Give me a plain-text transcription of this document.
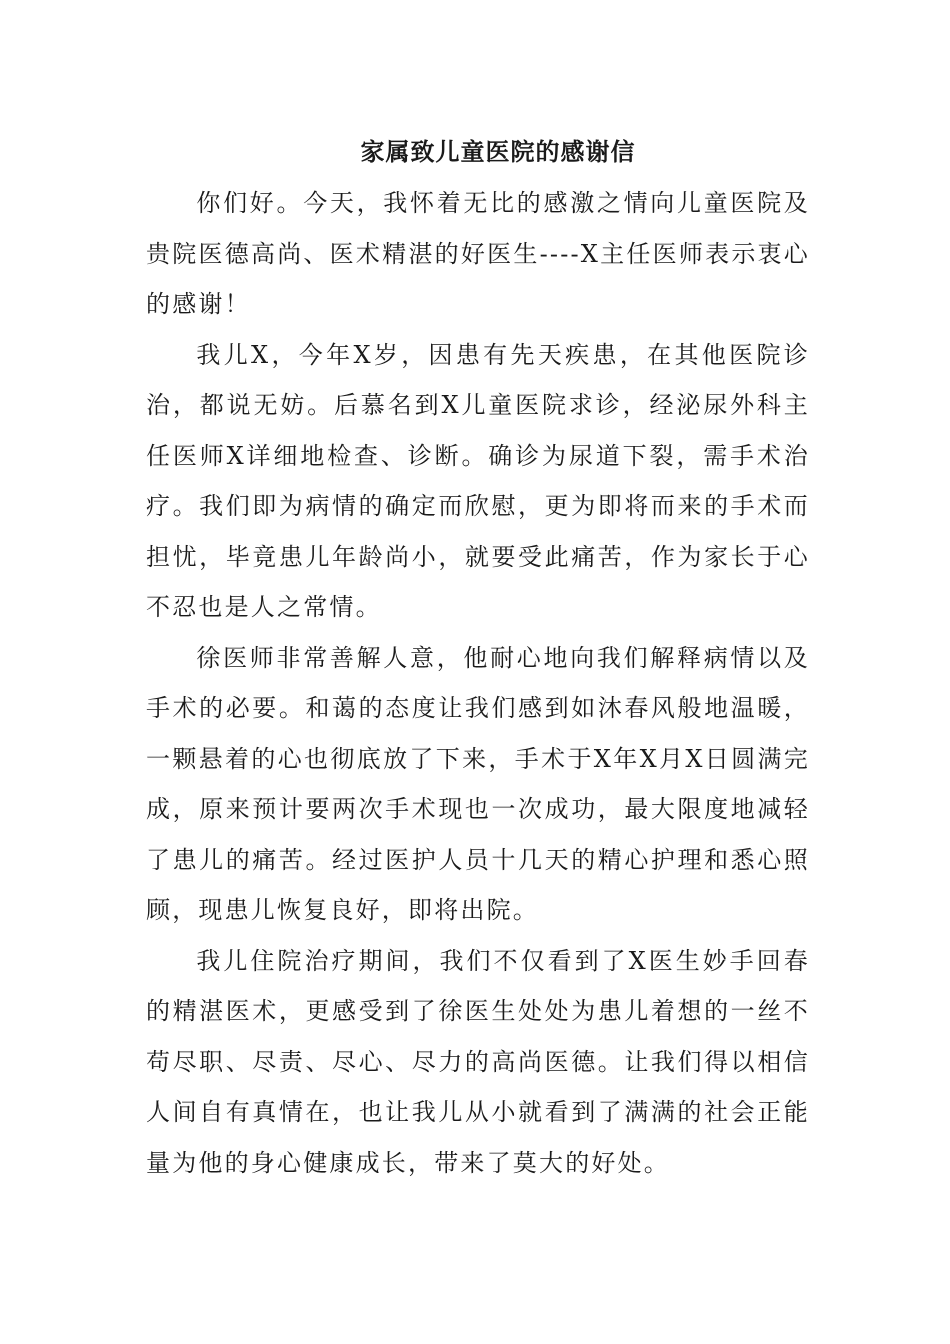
家属致儿童医院的感谢信

你们好。今天，我怀着无比的感激之情向儿童医院及贵院医德高尚、医术精湛的好医生----X主任医师表示衷心的感谢！

我儿X，今年X岁，因患有先天疾患，在其他医院诊治，都说无妨。后慕名到X儿童医院求诊，经泌尿外科主任医师X详细地检查、诊断。确诊为尿道下裂，需手术治疗。我们即为病情的确定而欣慰，更为即将而来的手术而担忧，毕竟患儿年龄尚小，就要受此痛苦，作为家长于心不忍也是人之常情。

徐医师非常善解人意，他耐心地向我们解释病情以及手术的必要。和蔼的态度让我们感到如沐春风般地温暖，一颗悬着的心也彻底放了下来，手术于X年X月X日圆满完成，原来预计要两次手术现也一次成功，最大限度地减轻了患儿的痛苦。经过医护人员十几天的精心护理和悉心照顾，现患儿恢复良好，即将出院。

我儿住院治疗期间，我们不仅看到了X医生妙手回春的精湛医术，更感受到了徐医生处处为患儿着想的一丝不苟尽职、尽责、尽心、尽力的高尚医德。让我们得以相信人间自有真情在，也让我儿从小就看到了满满的社会正能量为他的身心健康成长，带来了莫大的好处。
